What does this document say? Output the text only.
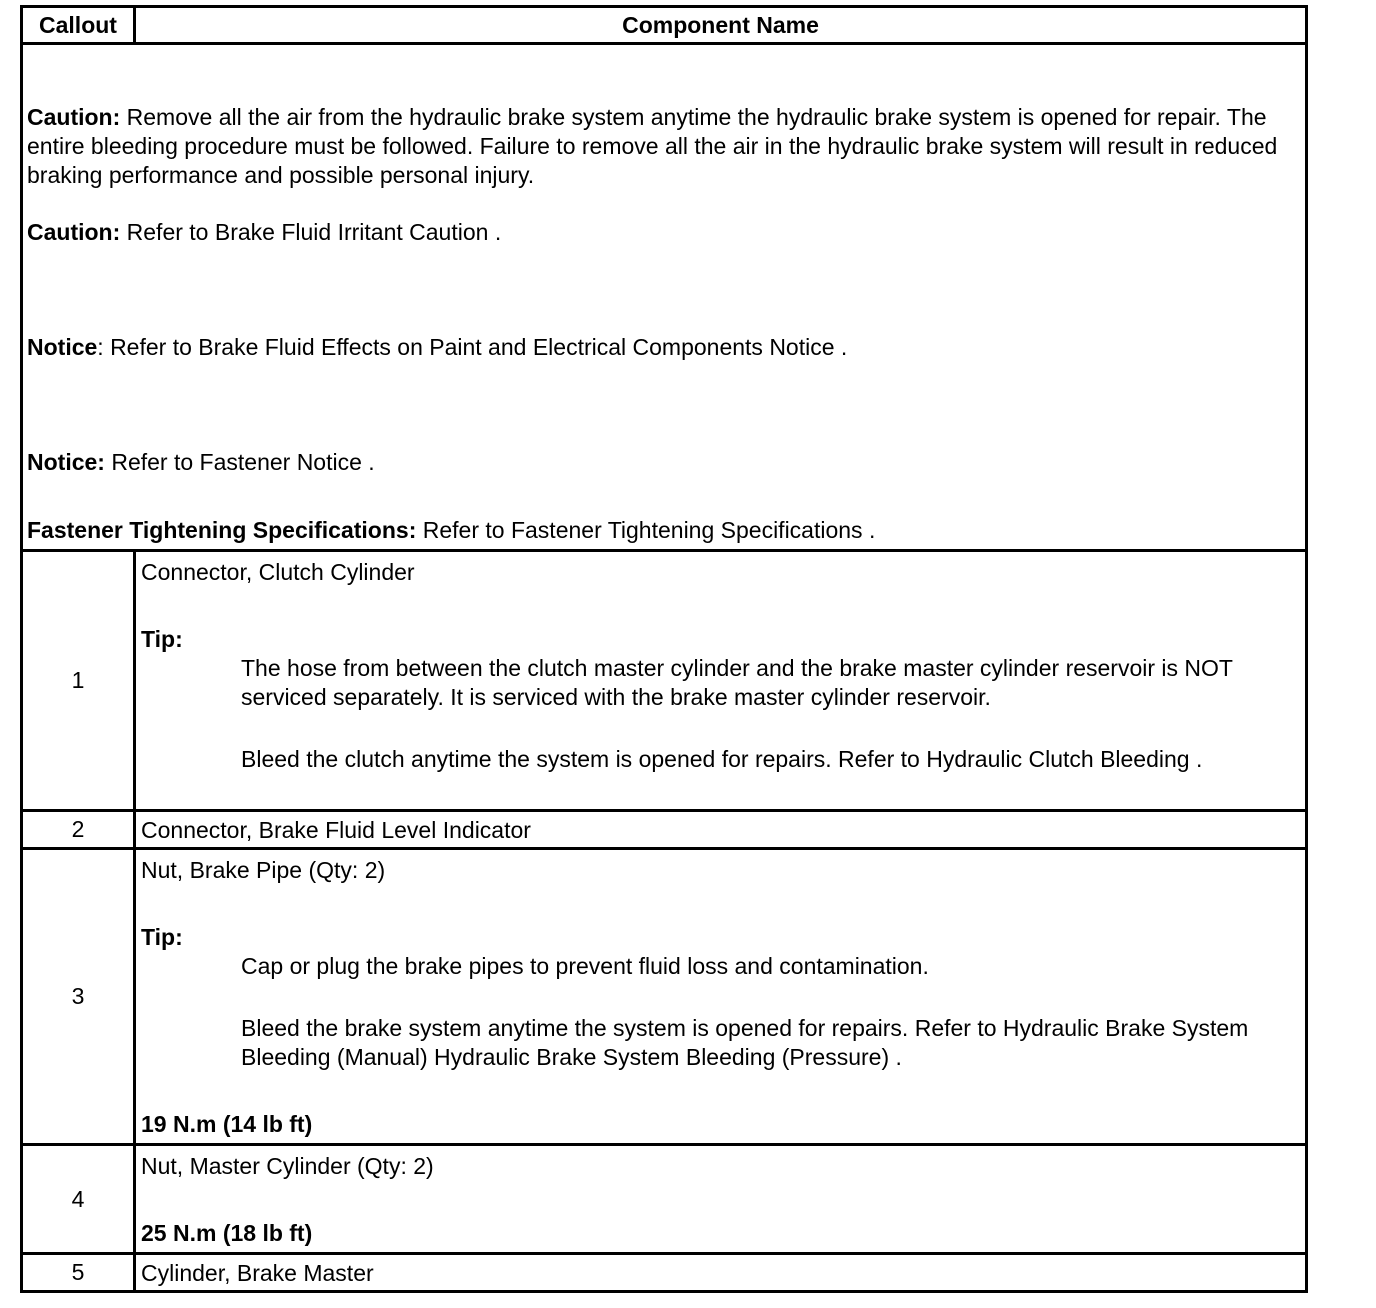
Callout	Component Name

Caution: Remove all the air from the hydraulic brake system anytime the hydraulic brake system is opened for repair. The entire bleeding procedure must be followed. Failure to remove all the air in the hydraulic brake system will result in reduced braking performance and possible personal injury.

Caution: Refer to Brake Fluid Irritant Caution .

Notice: Refer to Brake Fluid Effects on Paint and Electrical Components Notice .

Notice: Refer to Fastener Notice .

Fastener Tightening Specifications: Refer to Fastener Tightening Specifications .	

1	Connector, Clutch Cylinder

Tip:

The hose from between the clutch master cylinder and the brake master cylinder reservoir is NOT serviced separately. It is serviced with the brake master cylinder reservoir.

Bleed the clutch anytime the system is opened for repairs. Refer to Hydraulic Clutch Bleeding .

2	Connector, Brake Fluid Level Indicator

3	Nut, Brake Pipe (Qty: 2)

Tip:

Cap or plug the brake pipes to prevent fluid loss and contamination.

Bleed the brake system anytime the system is opened for repairs. Refer to Hydraulic Brake System Bleeding (Manual) Hydraulic Brake System Bleeding (Pressure) .

19 N.m (14 lb ft)

4	Nut, Master Cylinder (Qty: 2)

25 N.m (18 lb ft)

5	Cylinder, Brake Master
